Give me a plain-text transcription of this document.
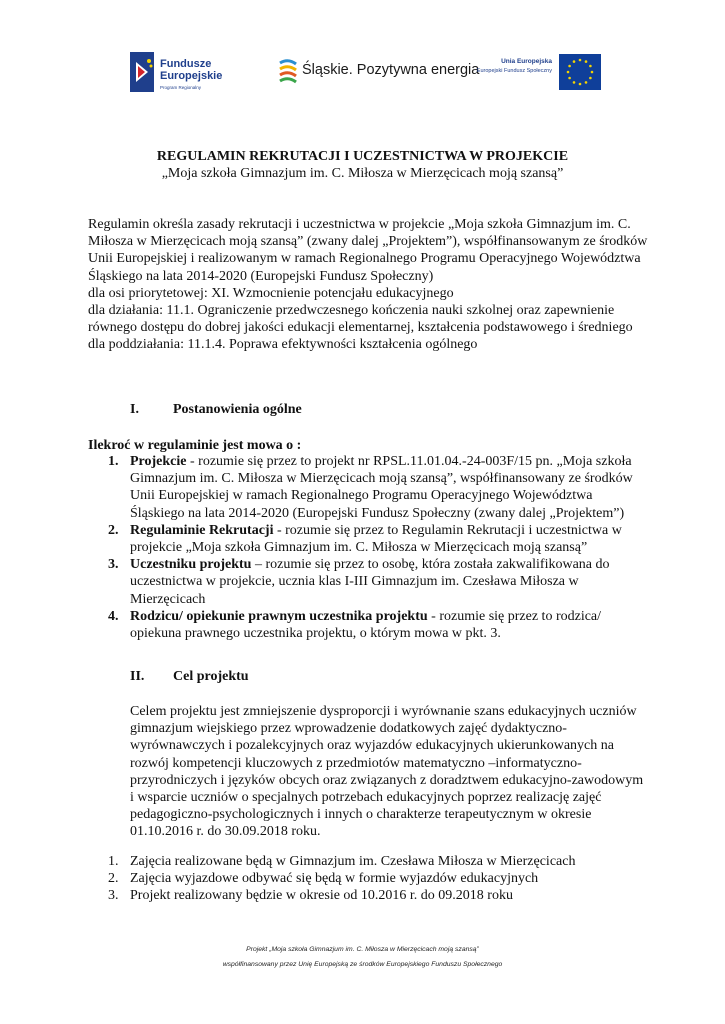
Fundusze
Europejskie
Program Regionalny
Śląskie. Pozytywna energia
Unia Europejska
Europejski Fundusz Społeczny
REGULAMIN REKRUTACJI I UCZESTNICTWA W PROJEKCIE
„Moja szkoła Gimnazjum im. C. Miłosza w Mierzęcicach moją szansą”

Regulamin określa zasady rekrutacji i uczestnictwa w projekcie „Moja szkoła Gimnazjum im. C. Miłosza w Mierzęcicach moją szansą” (zwany dalej „Projektem”), współfinansowanym ze środków Unii Europejskiej i realizowanym w ramach Regionalnego Programu Operacyjnego Województwa Śląskiego na lata 2014-2020 (Europejski Fundusz Społeczny)

dla osi priorytetowej: XI. Wzmocnienie potencjału edukacyjnego

dla działania: 11.1. Ograniczenie przedwczesnego kończenia nauki szkolnej oraz zapewnienie równego dostępu do dobrej jakości edukacji elementarnej, kształcenia podstawowego i średniego

dla poddziałania: 11.1.4. Poprawa efektywności kształcenia ogólnego

I. Postanowienia ogólne
Ilekroć w regulaminie jest mowa o :
1. Projekcie - rozumie się przez to projekt nr RPSL.11.01.04.-24-003F/15 pn. „Moja szkoła Gimnazjum im. C. Miłosza w Mierzęcicach moją szansą”, współfinansowany ze środków Unii Europejskiej w ramach Regionalnego Programu Operacyjnego Województwa Śląskiego na lata 2014-2020 (Europejski Fundusz Społeczny (zwany dalej „Projektem”)
2. Regulaminie Rekrutacji - rozumie się przez to Regulamin Rekrutacji i uczestnictwa w projekcie „Moja szkoła Gimnazjum im. C. Miłosza w Mierzęcicach moją szansą”
3. Uczestniku projektu – rozumie się przez to osobę, która została zakwalifikowana do uczestnictwa w projekcie, ucznia klas I-III Gimnazjum im. Czesława Miłosza w Mierzęcicach
4. Rodzicu/ opiekunie prawnym uczestnika projektu - rozumie się przez to rodzica/ opiekuna prawnego uczestnika projektu, o którym mowa w pkt. 3.
II. Cel projektu

Celem projektu jest zmniejszenie dysproporcji i wyrównanie szans edukacyjnych uczniów gimnazjum wiejskiego przez wprowadzenie dodatkowych zajęć dydaktyczno-wyrównawczych i pozalekcyjnych oraz wyjazdów edukacyjnych ukierunkowanych na rozwój kompetencji kluczowych z przedmiotów matematyczno –informatyczno-przyrodniczych i języków obcych oraz związanych z doradztwem edukacyjno-zawodowym i wsparcie uczniów o specjalnych potrzebach edukacyjnych poprzez realizację zajęć pedagogiczno-psychologicznych i innych o charakterze terapeutycznym w okresie 01.10.2016 r. do 30.09.2018 roku.

1. Zajęcia realizowane będą w Gimnazjum im. Czesława Miłosza w Mierzęcicach
2. Zajęcia wyjazdowe odbywać się będą w formie wyjazdów edukacyjnych
3. Projekt realizowany będzie w okresie od 10.2016 r. do 09.2018 roku
Projekt „Moja szkoła Gimnazjum im. C. Miłosza w Mierzęcicach moją szansą”
współfinansowany przez Unię Europejską ze środków Europejskiego Funduszu Społecznego
